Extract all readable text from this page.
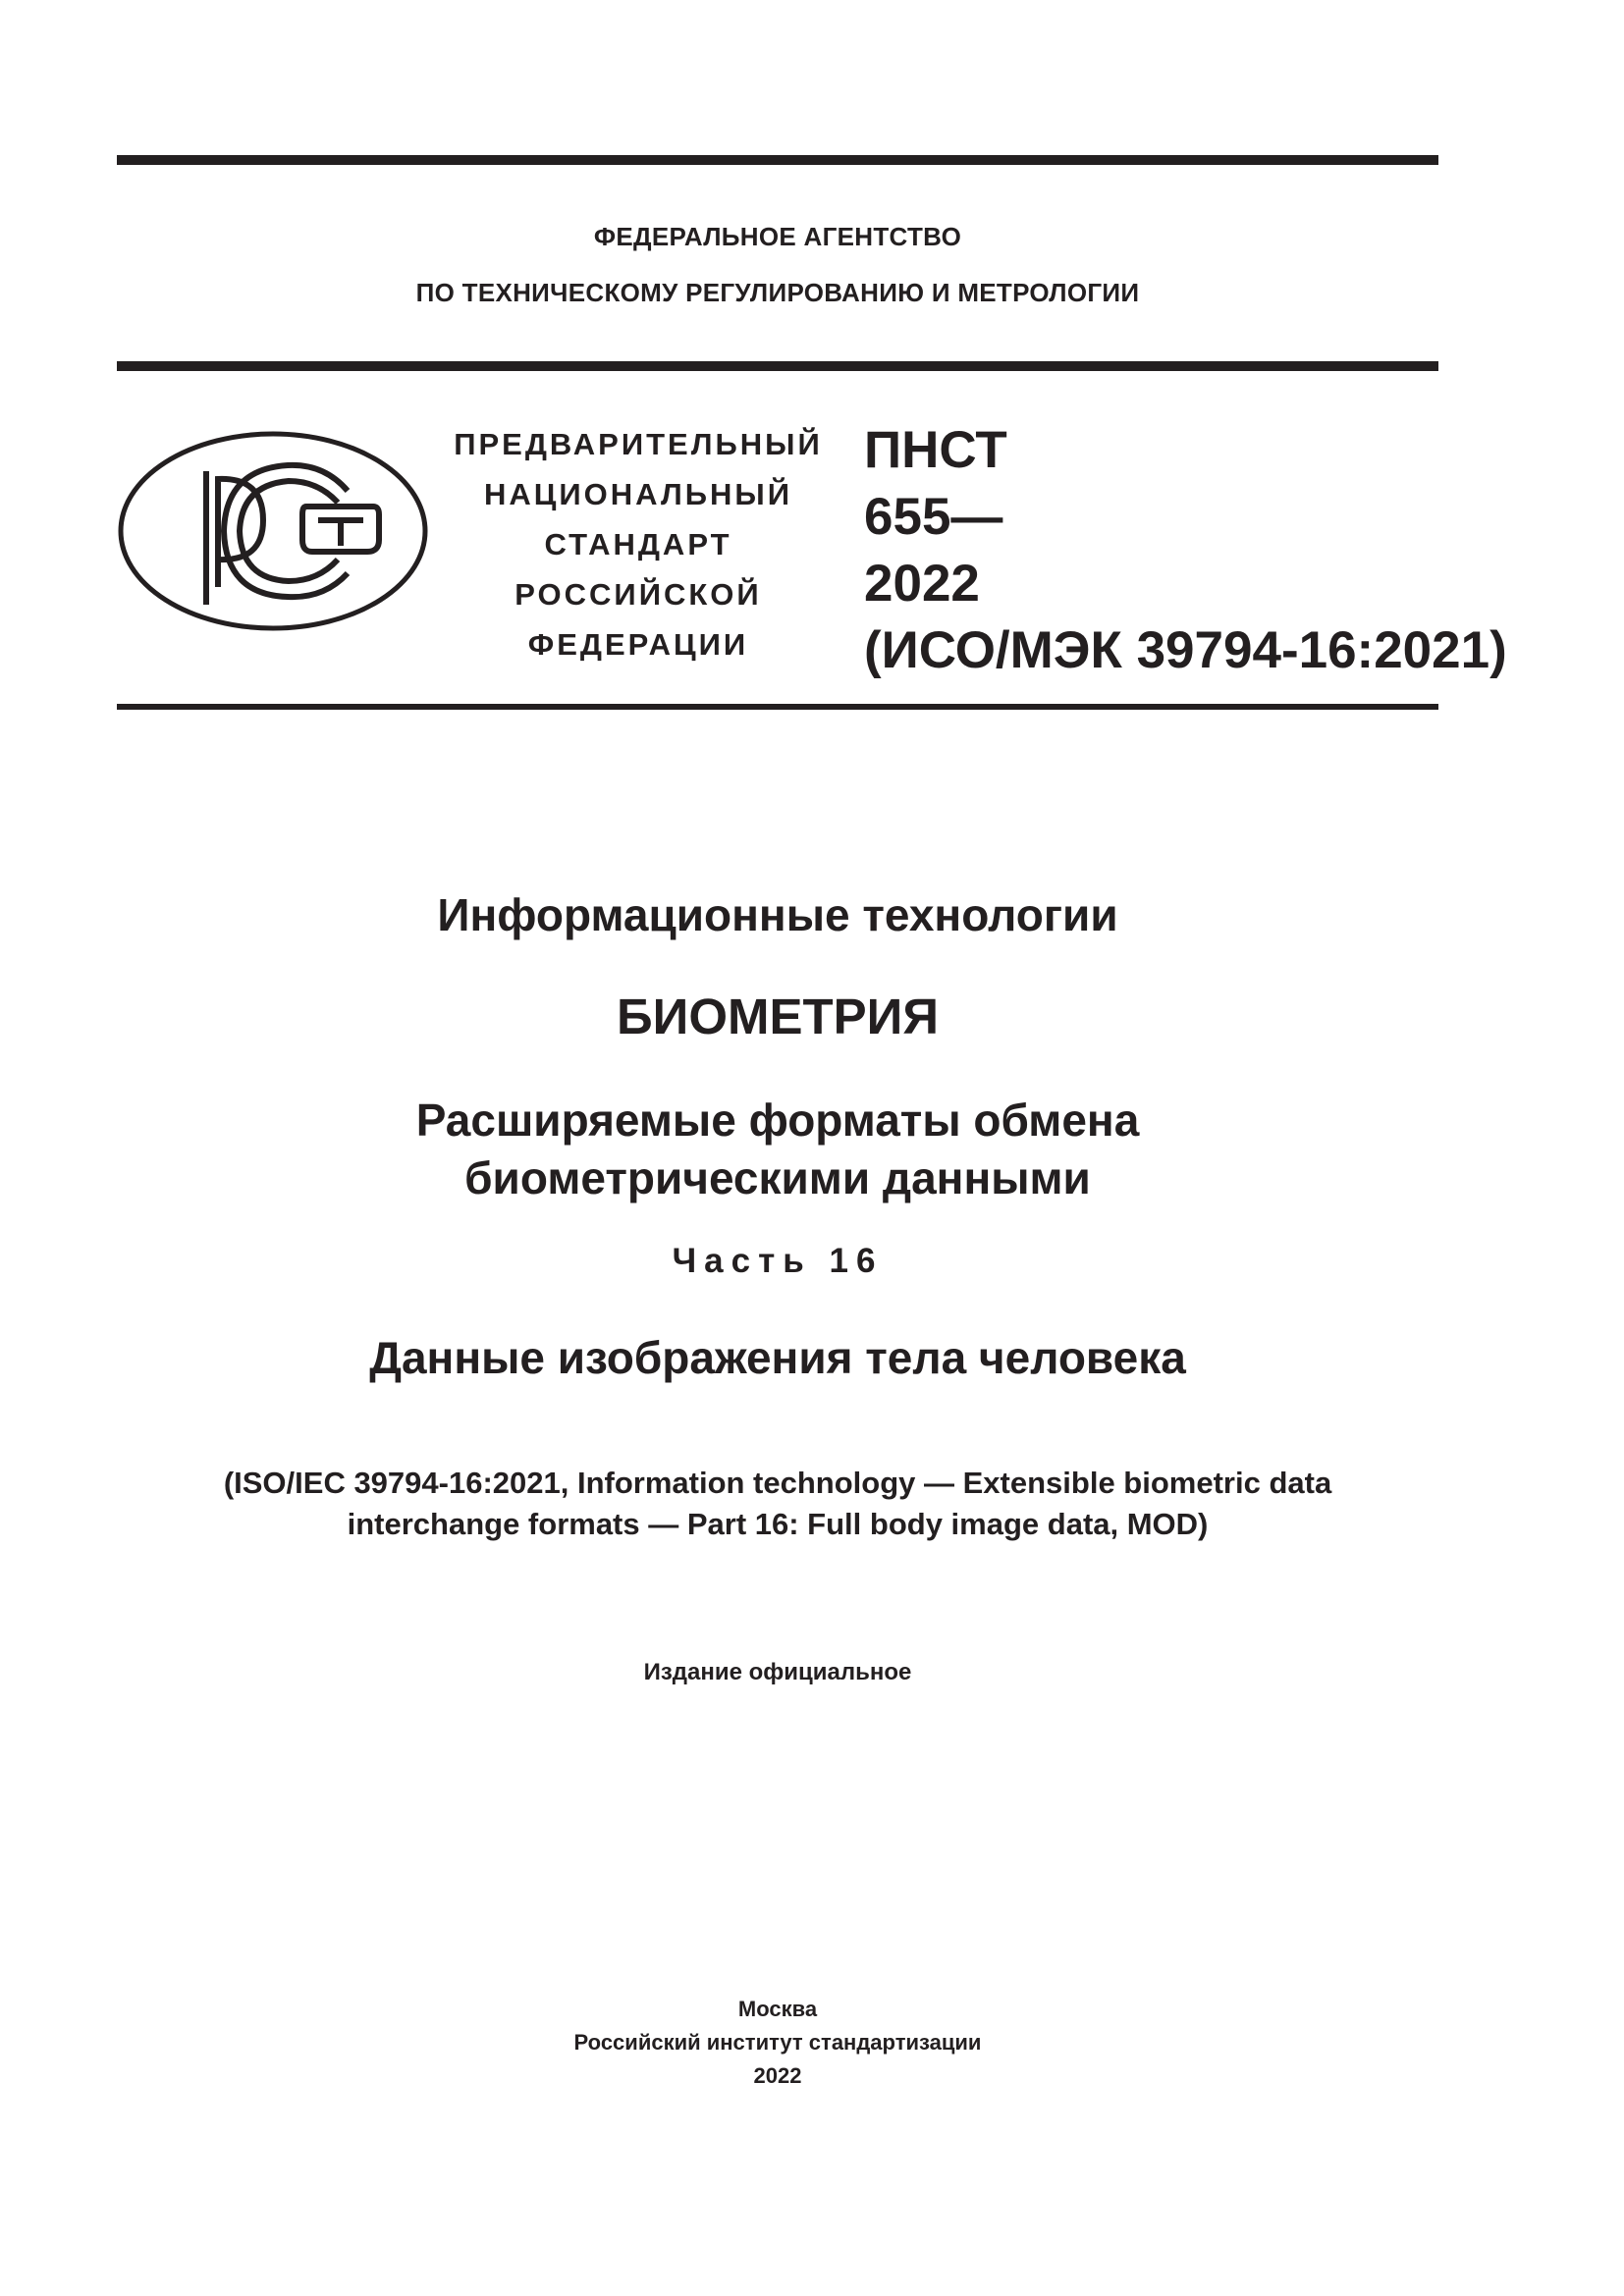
ФЕДЕРАЛЬНОЕ АГЕНТСТВО
ПО ТЕХНИЧЕСКОМУ РЕГУЛИРОВАНИЮ И МЕТРОЛОГИИ
ПРЕДВАРИТЕЛЬНЫЙ
НАЦИОНАЛЬНЫЙ
СТАНДАРТ
РОССИЙСКОЙ
ФЕДЕРАЦИИ
ПНСТ
655—
2022
(ИСО/МЭК 39794-16:2021)
Информационные технологии
БИОМЕТРИЯ
Расширяемые форматы обмена
биометрическими данными
Часть 16
Данные изображения тела человека
(ISO/IEC 39794-16:2021, Information technology — Extensible biometric data
interchange formats — Part 16: Full body image data, MOD)
Издание официальное
Москва
Российский институт стандартизации
2022
